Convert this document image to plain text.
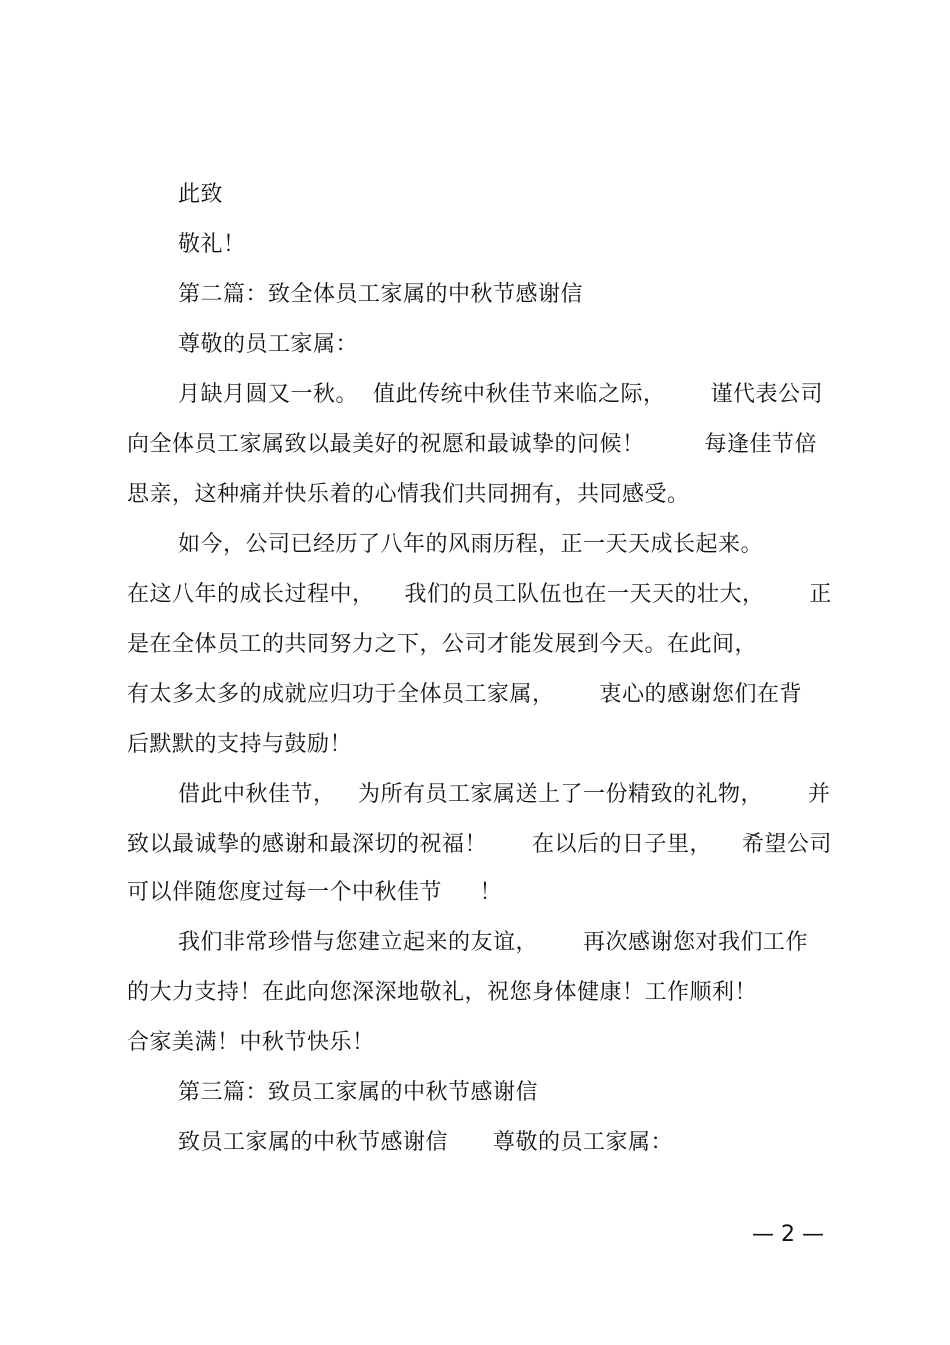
此致
敬礼！
第二篇：致全体员工家属的中秋节感谢信
尊敬的员工家属：
月缺月圆又一秋。  值此传统中秋佳节来临之际，      谨代表公司
向全体员工家属致以最美好的祝愿和最诚挚的问候！        每逢佳节倍
思亲，这种痛并快乐着的心情我们共同拥有，共同感受。
如今，公司已经历了八年的风雨历程，正一天天成长起来。
在这八年的成长过程中，    我们的员工队伍也在一天天的壮大，      正
是在全体员工的共同努力之下，公司才能发展到今天。在此间，
有太多太多的成就应归功于全体员工家属，      衷心的感谢您们在背
后默默的支持与鼓励！
借此中秋佳节，   为所有员工家属送上了一份精致的礼物，      并
致以最诚挚的感谢和最深切的祝福！      在以后的日子里，    希望公司
可以伴随您度过每一个中秋佳节     ！
我们非常珍惜与您建立起来的友谊，      再次感谢您对我们工作
的大力支持！在此向您深深地敬礼，祝您身体健康！工作顺利！
合家美满！中秋节快乐！
第三篇：致员工家属的中秋节感谢信
致员工家属的中秋节感谢信      尊敬的员工家属：
— 2 —
